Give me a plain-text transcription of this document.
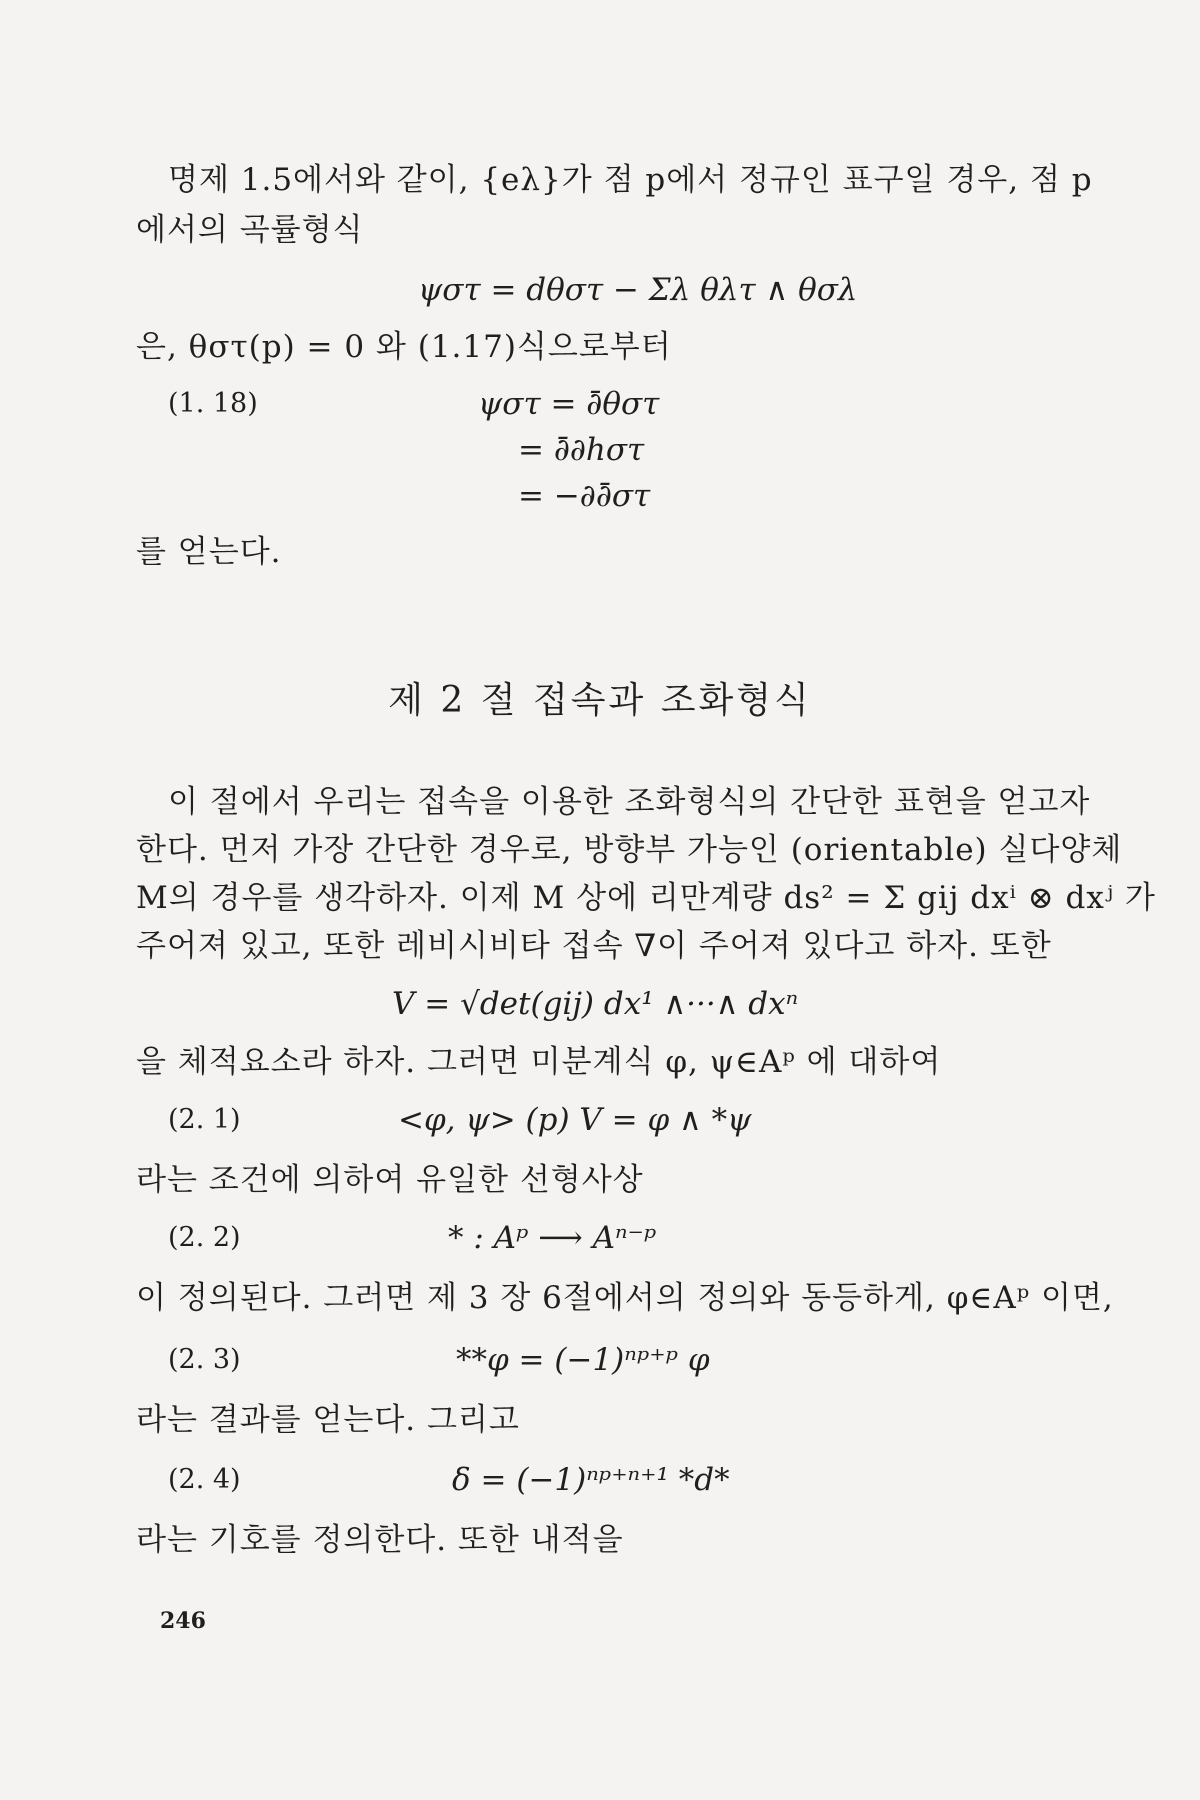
명제 1.5에서와 같이, {eλ}가 점 p에서 정규인 표구일 경우, 점 p
에서의 곡률형식
ψστ = dθστ − Σλ θλτ ∧ θσλ
은, θστ(p) = 0 와 (1.17)식으로부터
(1. 18)	ψστ = ∂̄θστ
= ∂̄∂hστ
= −∂∂̄στ
를 얻는다.
제 2 절 접속과 조화형식
이 절에서 우리는 접속을 이용한 조화형식의 간단한 표현을 얻고자
한다. 먼저 가장 간단한 경우로, 방향부 가능인 (orientable) 실다양체
M의 경우를 생각하자. 이제 M 상에 리만계량 ds² = Σ gij dxⁱ ⊗ dxʲ 가
주어져 있고, 또한 레비시비타 접속 ∇이 주어져 있다고 하자. 또한
V = √det(gij) dx¹ ∧···∧ dxⁿ
을 체적요소라 하자. 그러면 미분계식 φ, ψ∈Aᵖ 에 대하여
(2. 1)	<φ, ψ> (p) V = φ ∧ *ψ
라는 조건에 의하여 유일한 선형사상
(2. 2)	* : Aᵖ ⟶ Aⁿ⁻ᵖ
이 정의된다. 그러면 제 3 장 6절에서의 정의와 동등하게, φ∈Aᵖ 이면,
(2. 3)	**φ = (−1)ⁿᵖ⁺ᵖ φ
라는 결과를 얻는다. 그리고
(2. 4)	δ = (−1)ⁿᵖ⁺ⁿ⁺¹ *d*
라는 기호를 정의한다. 또한 내적을
246
